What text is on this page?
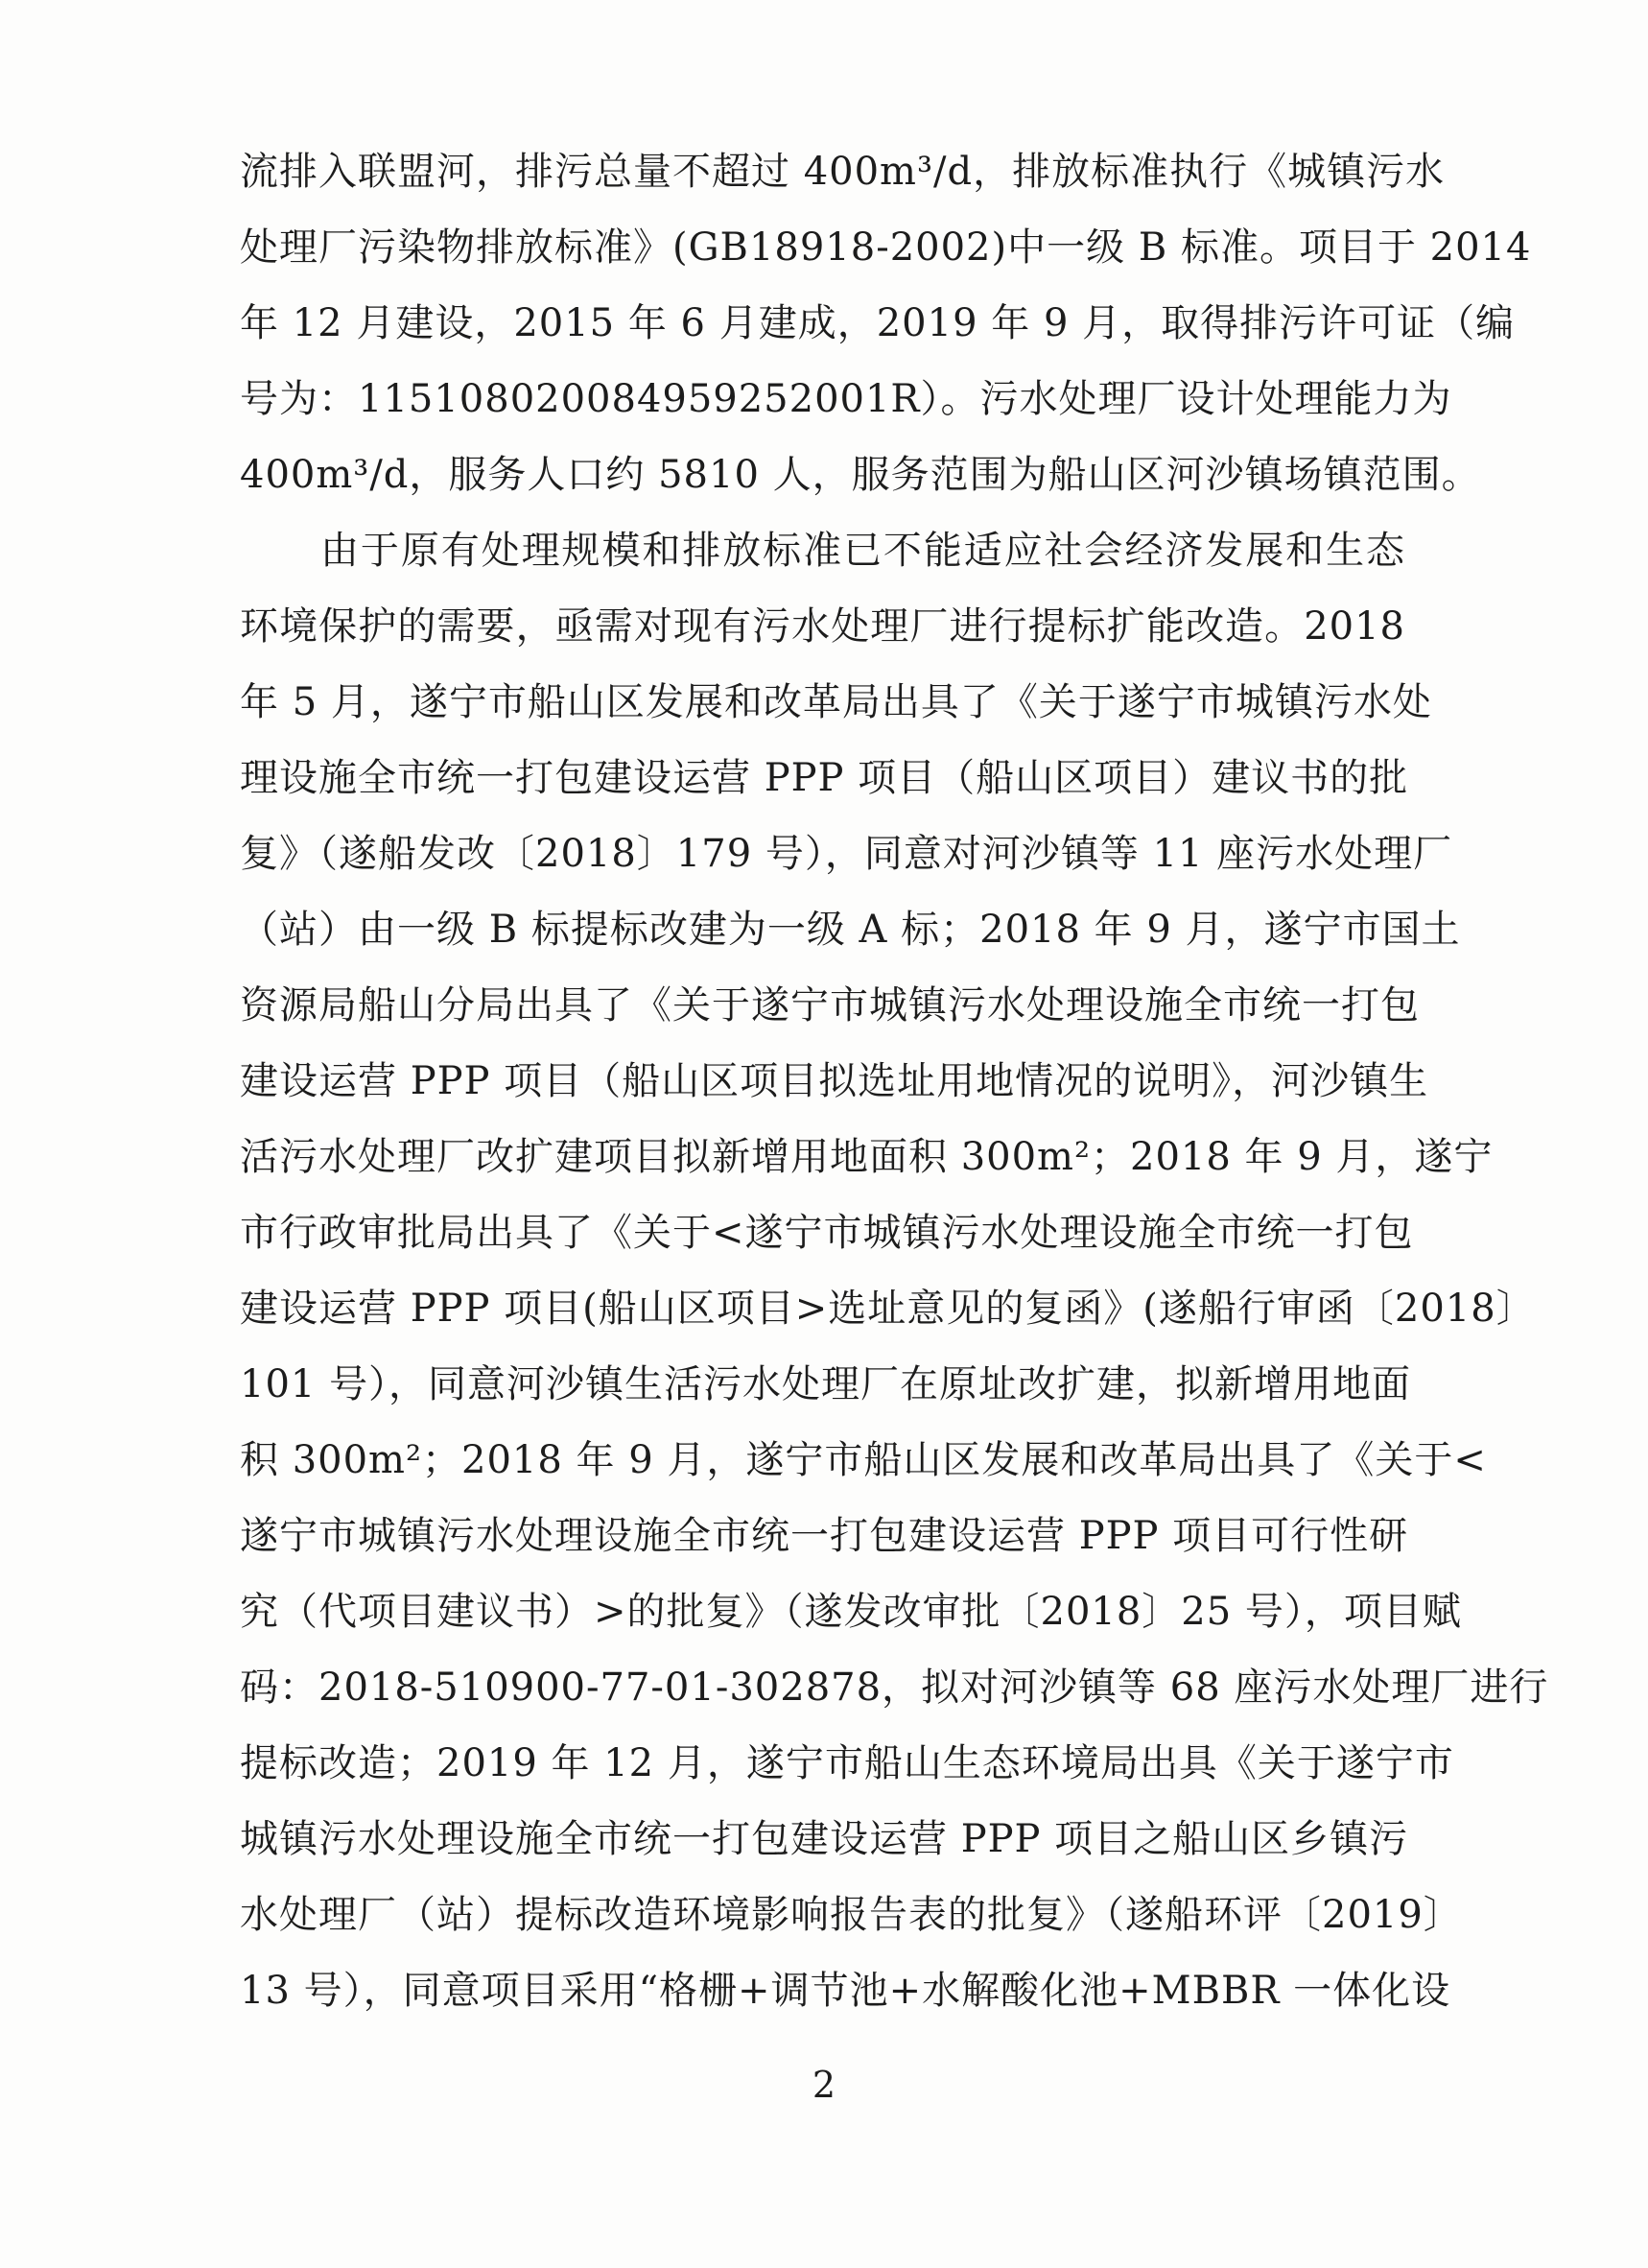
流排入联盟河，排污总量不超过 400m³/d，排放标准执行《城镇污水
处理厂污染物排放标准》(GB18918-2002)中一级 B 标准。项目于 2014
年 12 月建设，2015 年 6 月建成，2019 年 9 月，取得排污许可证（编
号为：115108020084959252001R）。污水处理厂设计处理能力为
400m³/d，服务人口约 5810 人，服务范围为船山区河沙镇场镇范围。
由于原有处理规模和排放标准已不能适应社会经济发展和生态
环境保护的需要，亟需对现有污水处理厂进行提标扩能改造。2018
年 5 月，遂宁市船山区发展和改革局出具了《关于遂宁市城镇污水处
理设施全市统一打包建设运营 PPP 项目（船山区项目）建议书的批
复》（遂船发改〔2018〕179 号），同意对河沙镇等 11 座污水处理厂
（站）由一级 B 标提标改建为一级 A 标；2018 年 9 月，遂宁市国土
资源局船山分局出具了《关于遂宁市城镇污水处理设施全市统一打包
建设运营 PPP 项目（船山区项目拟选址用地情况的说明》，河沙镇生
活污水处理厂改扩建项目拟新增用地面积 300m²；2018 年 9 月，遂宁
市行政审批局出具了《关于<遂宁市城镇污水处理设施全市统一打包
建设运营 PPP 项目(船山区项目>选址意见的复函》(遂船行审函〔2018〕
101 号），同意河沙镇生活污水处理厂在原址改扩建，拟新增用地面
积 300m²；2018 年 9 月，遂宁市船山区发展和改革局出具了《关于<
遂宁市城镇污水处理设施全市统一打包建设运营 PPP 项目可行性研
究（代项目建议书）>的批复》（遂发改审批〔2018〕25 号），项目赋
码：2018-510900-77-01-302878，拟对河沙镇等 68 座污水处理厂进行
提标改造；2019 年 12 月，遂宁市船山生态环境局出具《关于遂宁市
城镇污水处理设施全市统一打包建设运营 PPP 项目之船山区乡镇污
水处理厂（站）提标改造环境影响报告表的批复》（遂船环评〔2019〕
13 号），同意项目采用“格栅+调节池+水解酸化池+MBBR 一体化设
2
